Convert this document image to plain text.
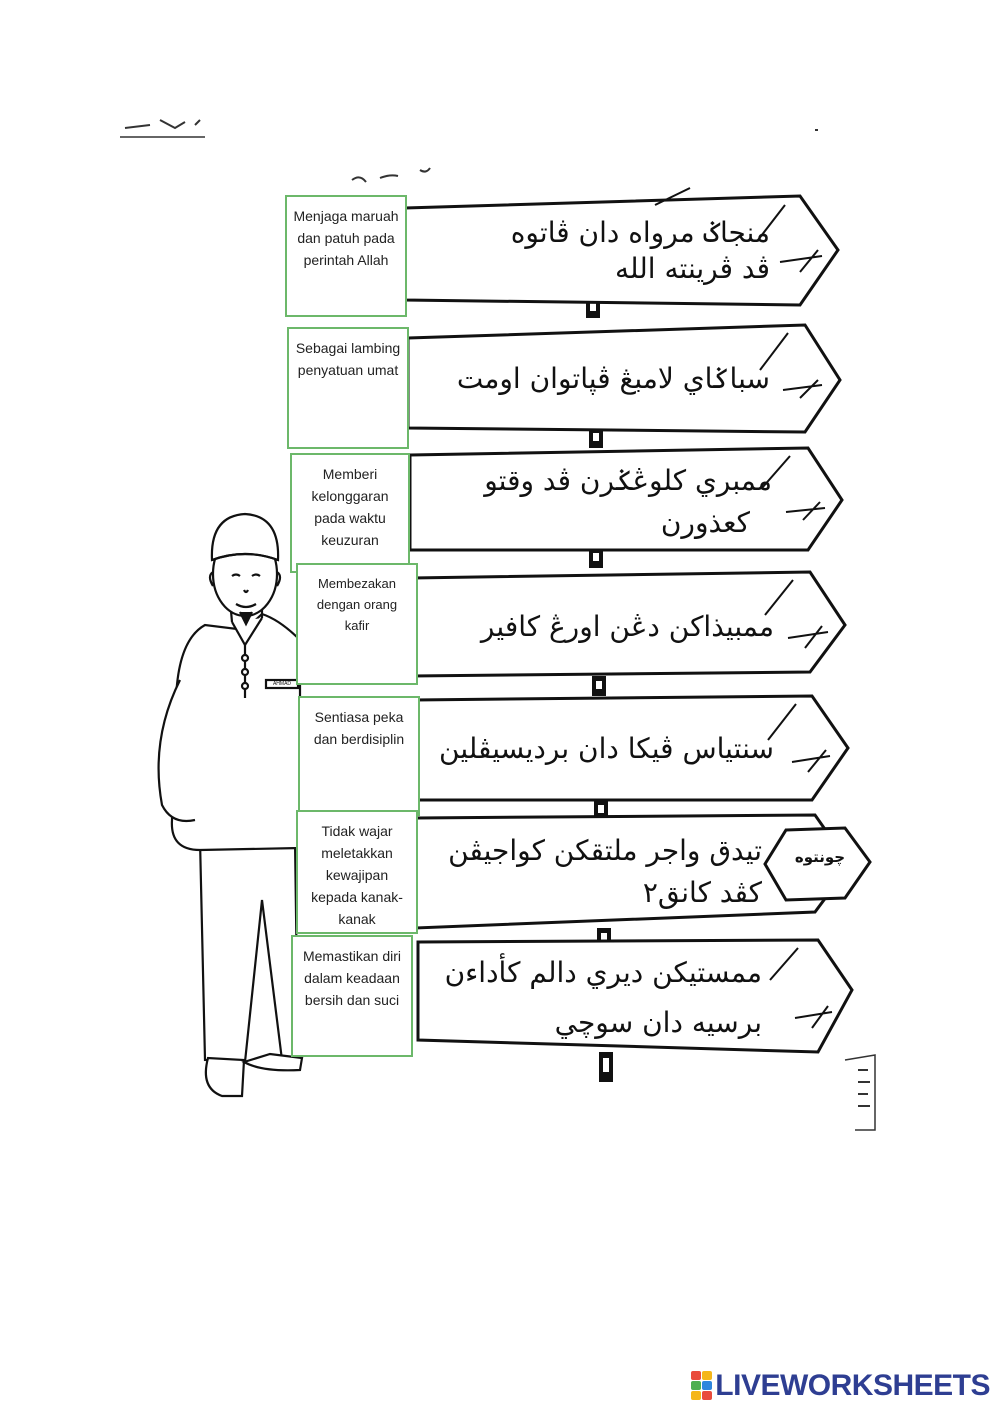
منجاݢ مرواه دان ڤاتوه
ڤد ڤرينته الله
سباݢاي لامبڠ ڤڽاتوان اومت
ممبري كلوڠݢرن ڤد وقتو
كعذورن
ممبيذاكن دڠن اورڠ كافير
سنتياس ڤيكا دان برديسيڤلين
تيدق واجر ملتقكن كواجيڤن
كڤد كانق٢
ممستيكن ديري دالم كأداءن
برسيه دان سوچي
چونتوه
AHMAD
Menjaga maruah dan patuh pada perintah Allah
Sebagai lambing penyatuan umat
Memberi kelonggaran pada waktu keuzuran
Membezakan dengan orang kafir
Sentiasa peka dan berdisiplin
Tidak wajar meletakkan kewajipan kepada kanak-kanak
Memastikan diri dalam keadaan bersih dan suci
LIVEWORKSHEETS
